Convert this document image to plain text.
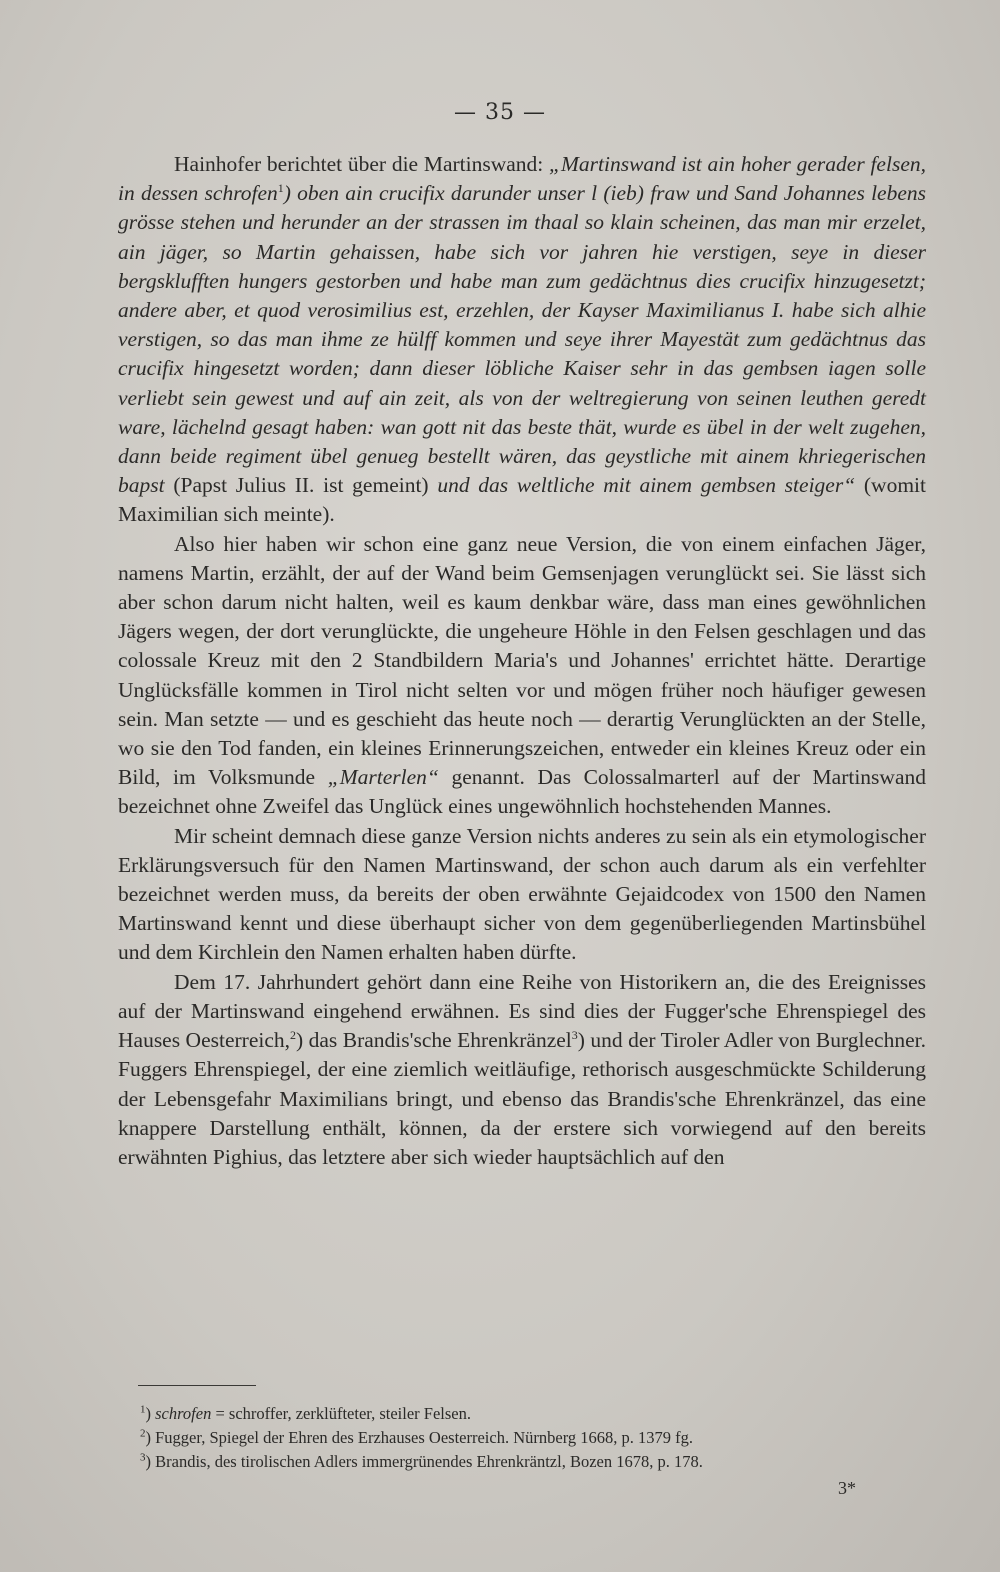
— 35 —

Hainhofer berichtet über die Martinswand: „Martinswand ist ain hoher gerader felsen, in dessen schrofen$^1$) oben ain crucifix darunder unser l (ieb) fraw und Sand Johannes lebens grösse stehen und herunder an der strassen im thaal so klain scheinen, das man mir erzelet, ain jäger, so Martin gehaissen, habe sich vor jahren hie verstigen, seye in dieser bergsklufften hungers gestorben und habe man zum gedächtnus dies crucifix hinzugesetzt; andere aber, et quod verosimilius est, erzehlen, der Kayser Maximilianus I. habe sich alhie verstigen, so das man ihme ze hülff kommen und seye ihrer Mayestät zum gedächtnus das crucifix hingesetzt worden; dann dieser löbliche Kaiser sehr in das gembsen iagen solle verliebt sein gewest und auf ain zeit, als von der weltregierung von seinen leuthen geredt ware, lächelnd gesagt haben: wan gott nit das beste thät, wurde es übel in der welt zugehen, dann beide regiment übel genueg bestellt wären, das geystliche mit ainem khriegerischen bapst (Papst Julius II. ist gemeint) und das weltliche mit ainem gembsen steiger“ (womit Maximilian sich meinte).

Also hier haben wir schon eine ganz neue Version, die von einem einfachen Jäger, namens Martin, erzählt, der auf der Wand beim Gemsenjagen verunglückt sei. Sie lässt sich aber schon darum nicht halten, weil es kaum denkbar wäre, dass man eines gewöhnlichen Jägers wegen, der dort verunglückte, die ungeheure Höhle in den Felsen geschlagen und das colossale Kreuz mit den 2 Standbildern Maria's und Johannes' errichtet hätte. Derartige Unglücksfälle kommen in Tirol nicht selten vor und mögen früher noch häufiger gewesen sein. Man setzte — und es geschieht das heute noch — derartig Verunglückten an der Stelle, wo sie den Tod fanden, ein kleines Erinnerungszeichen, entweder ein kleines Kreuz oder ein Bild, im Volksmunde „Marterlen“ genannt. Das Colossalmarterl auf der Martinswand bezeichnet ohne Zweifel das Unglück eines ungewöhnlich hochstehenden Mannes.

Mir scheint demnach diese ganze Version nichts anderes zu sein als ein etymologischer Erklärungsversuch für den Namen Martinswand, der schon auch darum als ein verfehlter bezeichnet werden muss, da bereits der oben erwähnte Gejaidcodex von 1500 den Namen Martinswand kennt und diese überhaupt sicher von dem gegenüberliegenden Martinsbühel und dem Kirchlein den Namen erhalten haben dürfte.

Dem 17. Jahrhundert gehört dann eine Reihe von Historikern an, die des Ereignisses auf der Martinswand eingehend erwähnen. Es sind dies der Fugger'sche Ehrenspiegel des Hauses Oesterreich,$^2$) das Brandis'sche Ehrenkränzel$^3$) und der Tiroler Adler von Burglechner. Fuggers Ehrenspiegel, der eine ziemlich weitläufige, rethorisch ausgeschmückte Schilderung der Lebensgefahr Maximilians bringt, und ebenso das Brandis'sche Ehrenkränzel, das eine knappere Darstellung enthält, können, da der erstere sich vorwiegend auf den bereits erwähnten Pighius, das letztere aber sich wieder hauptsächlich auf den

$^1$) schrofen = schroffer, zerklüfteter, steiler Felsen.

$^2$) Fugger, Spiegel der Ehren des Erzhauses Oesterreich. Nürnberg 1668, p. 1379 fg.

$^3$) Brandis, des tirolischen Adlers immergrünendes Ehrenkräntzl, Bozen 1678, p. 178.

3*
